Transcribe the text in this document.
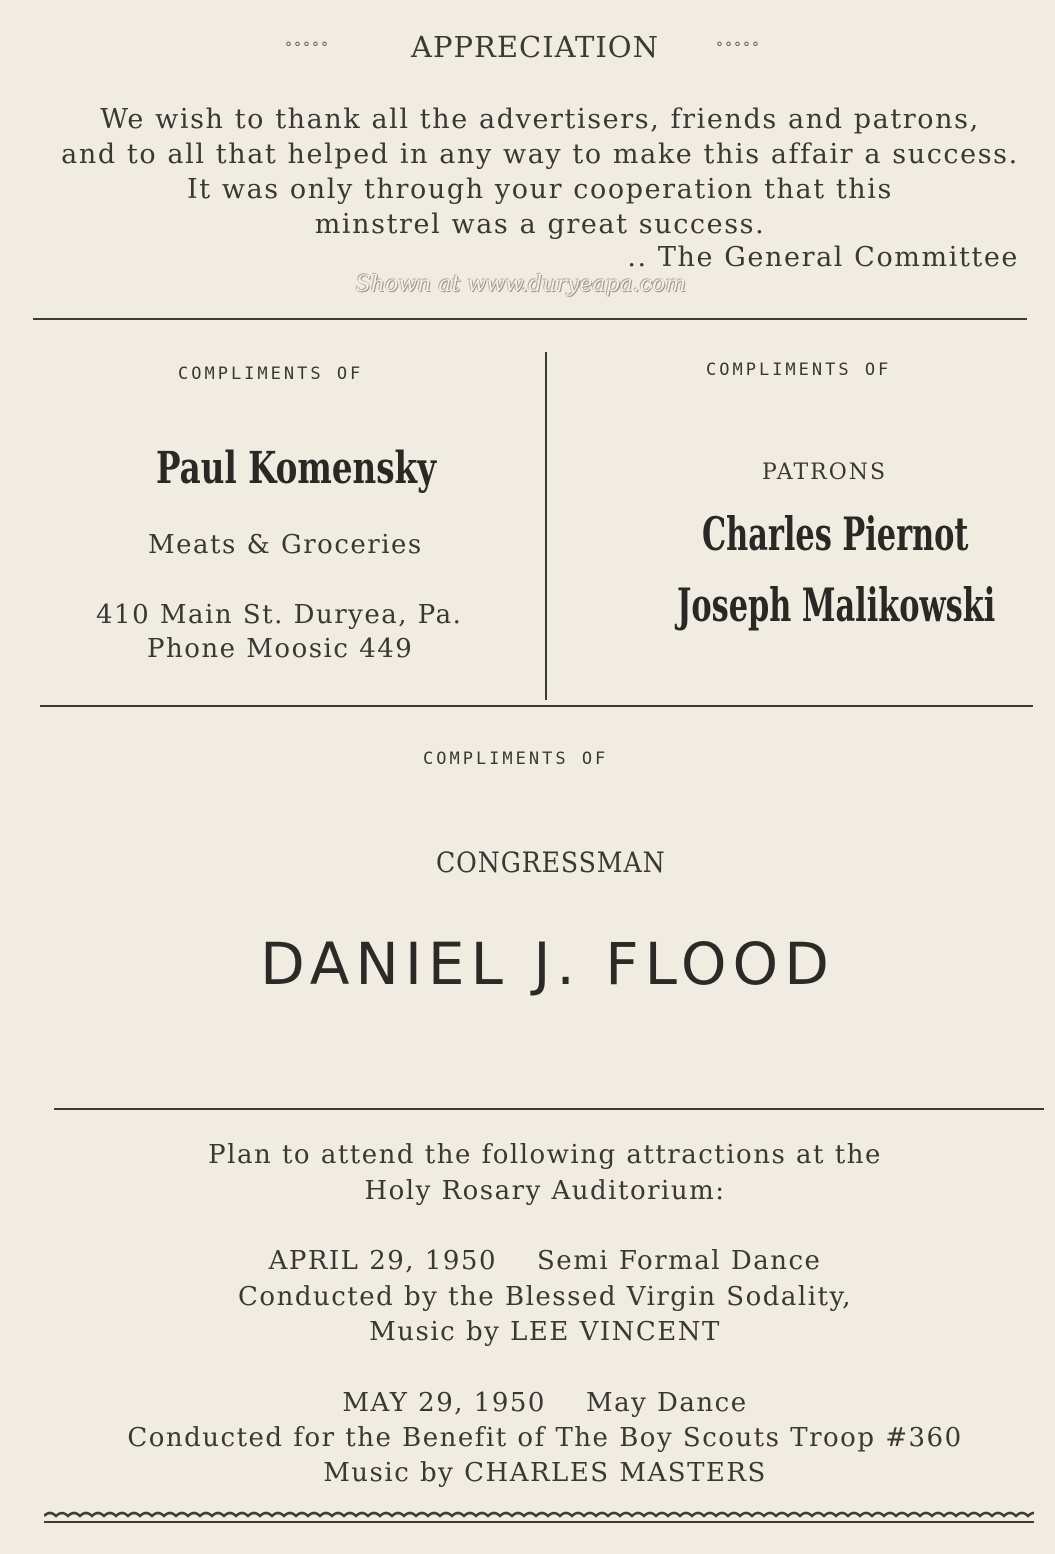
°°°°°	APPRECIATION	°°°°°
We wish to thank all the advertisers, friends and patrons,
and to all that helped in any way to make this affair a success.
It was only through your cooperation that this
minstrel was a great success.
.. The General Committee
Shown at www.duryeapa.com
COMPLIMENTS OF
Paul Komensky
Meats & Groceries
410 Main St. Duryea, Pa.
Phone Moosic 449
COMPLIMENTS OF
PATRONS
Charles Piernot
Joseph Malikowski
COMPLIMENTS OF
CONGRESSMAN
DANIEL J. FLOOD
Plan to attend the following attractions at the
Holy Rosary Auditorium:
APRIL 29, 1950 Semi Formal Dance
Conducted by the Blessed Virgin Sodality,
Music by LEE VINCENT
MAY 29, 1950 May Dance
Conducted for the Benefit of The Boy Scouts Troop #360
Music by CHARLES MASTERS
